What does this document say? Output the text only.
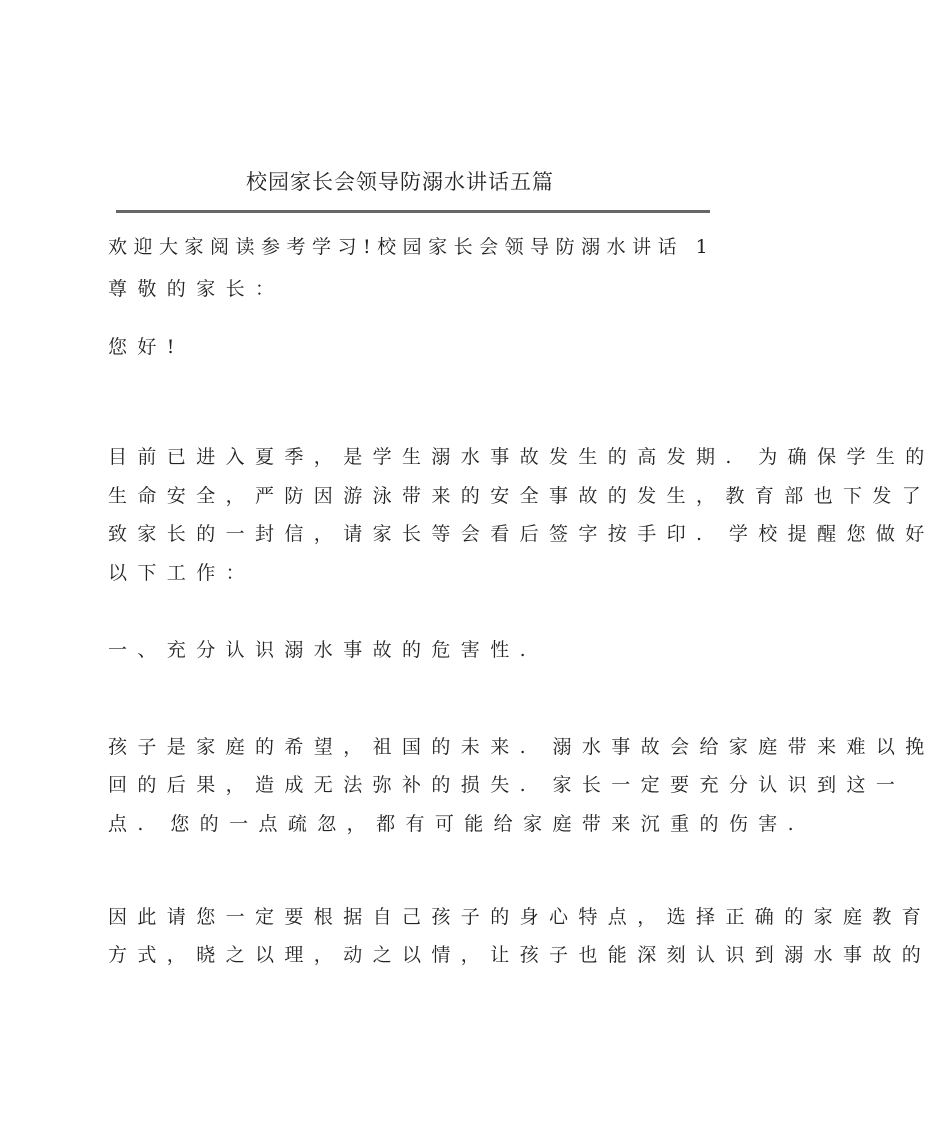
校园家长会领导防溺水讲话五篇
欢迎大家阅读参考学习!校园家长会领导防溺水讲话 1
尊敬的家长：
您好!
目前已进入夏季，是学生溺水事故发生的高发期. 为确保学生的
生命安全，严防因游泳带来的安全事故的发生，教育部也下发了
致家长的一封信，请家长等会看后签字按手印. 学校提醒您做好
以下工作：
一、充分认识溺水事故的危害性.
孩子是家庭的希望，祖国的未来. 溺水事故会给家庭带来难以挽
回的后果，造成无法弥补的损失. 家长一定要充分认识到这一
点. 您的一点疏忽，都有可能给家庭带来沉重的伤害.
因此请您一定要根据自己孩子的身心特点，选择正确的家庭教育
方式，晓之以理，动之以情，让孩子也能深刻认识到溺水事故的
